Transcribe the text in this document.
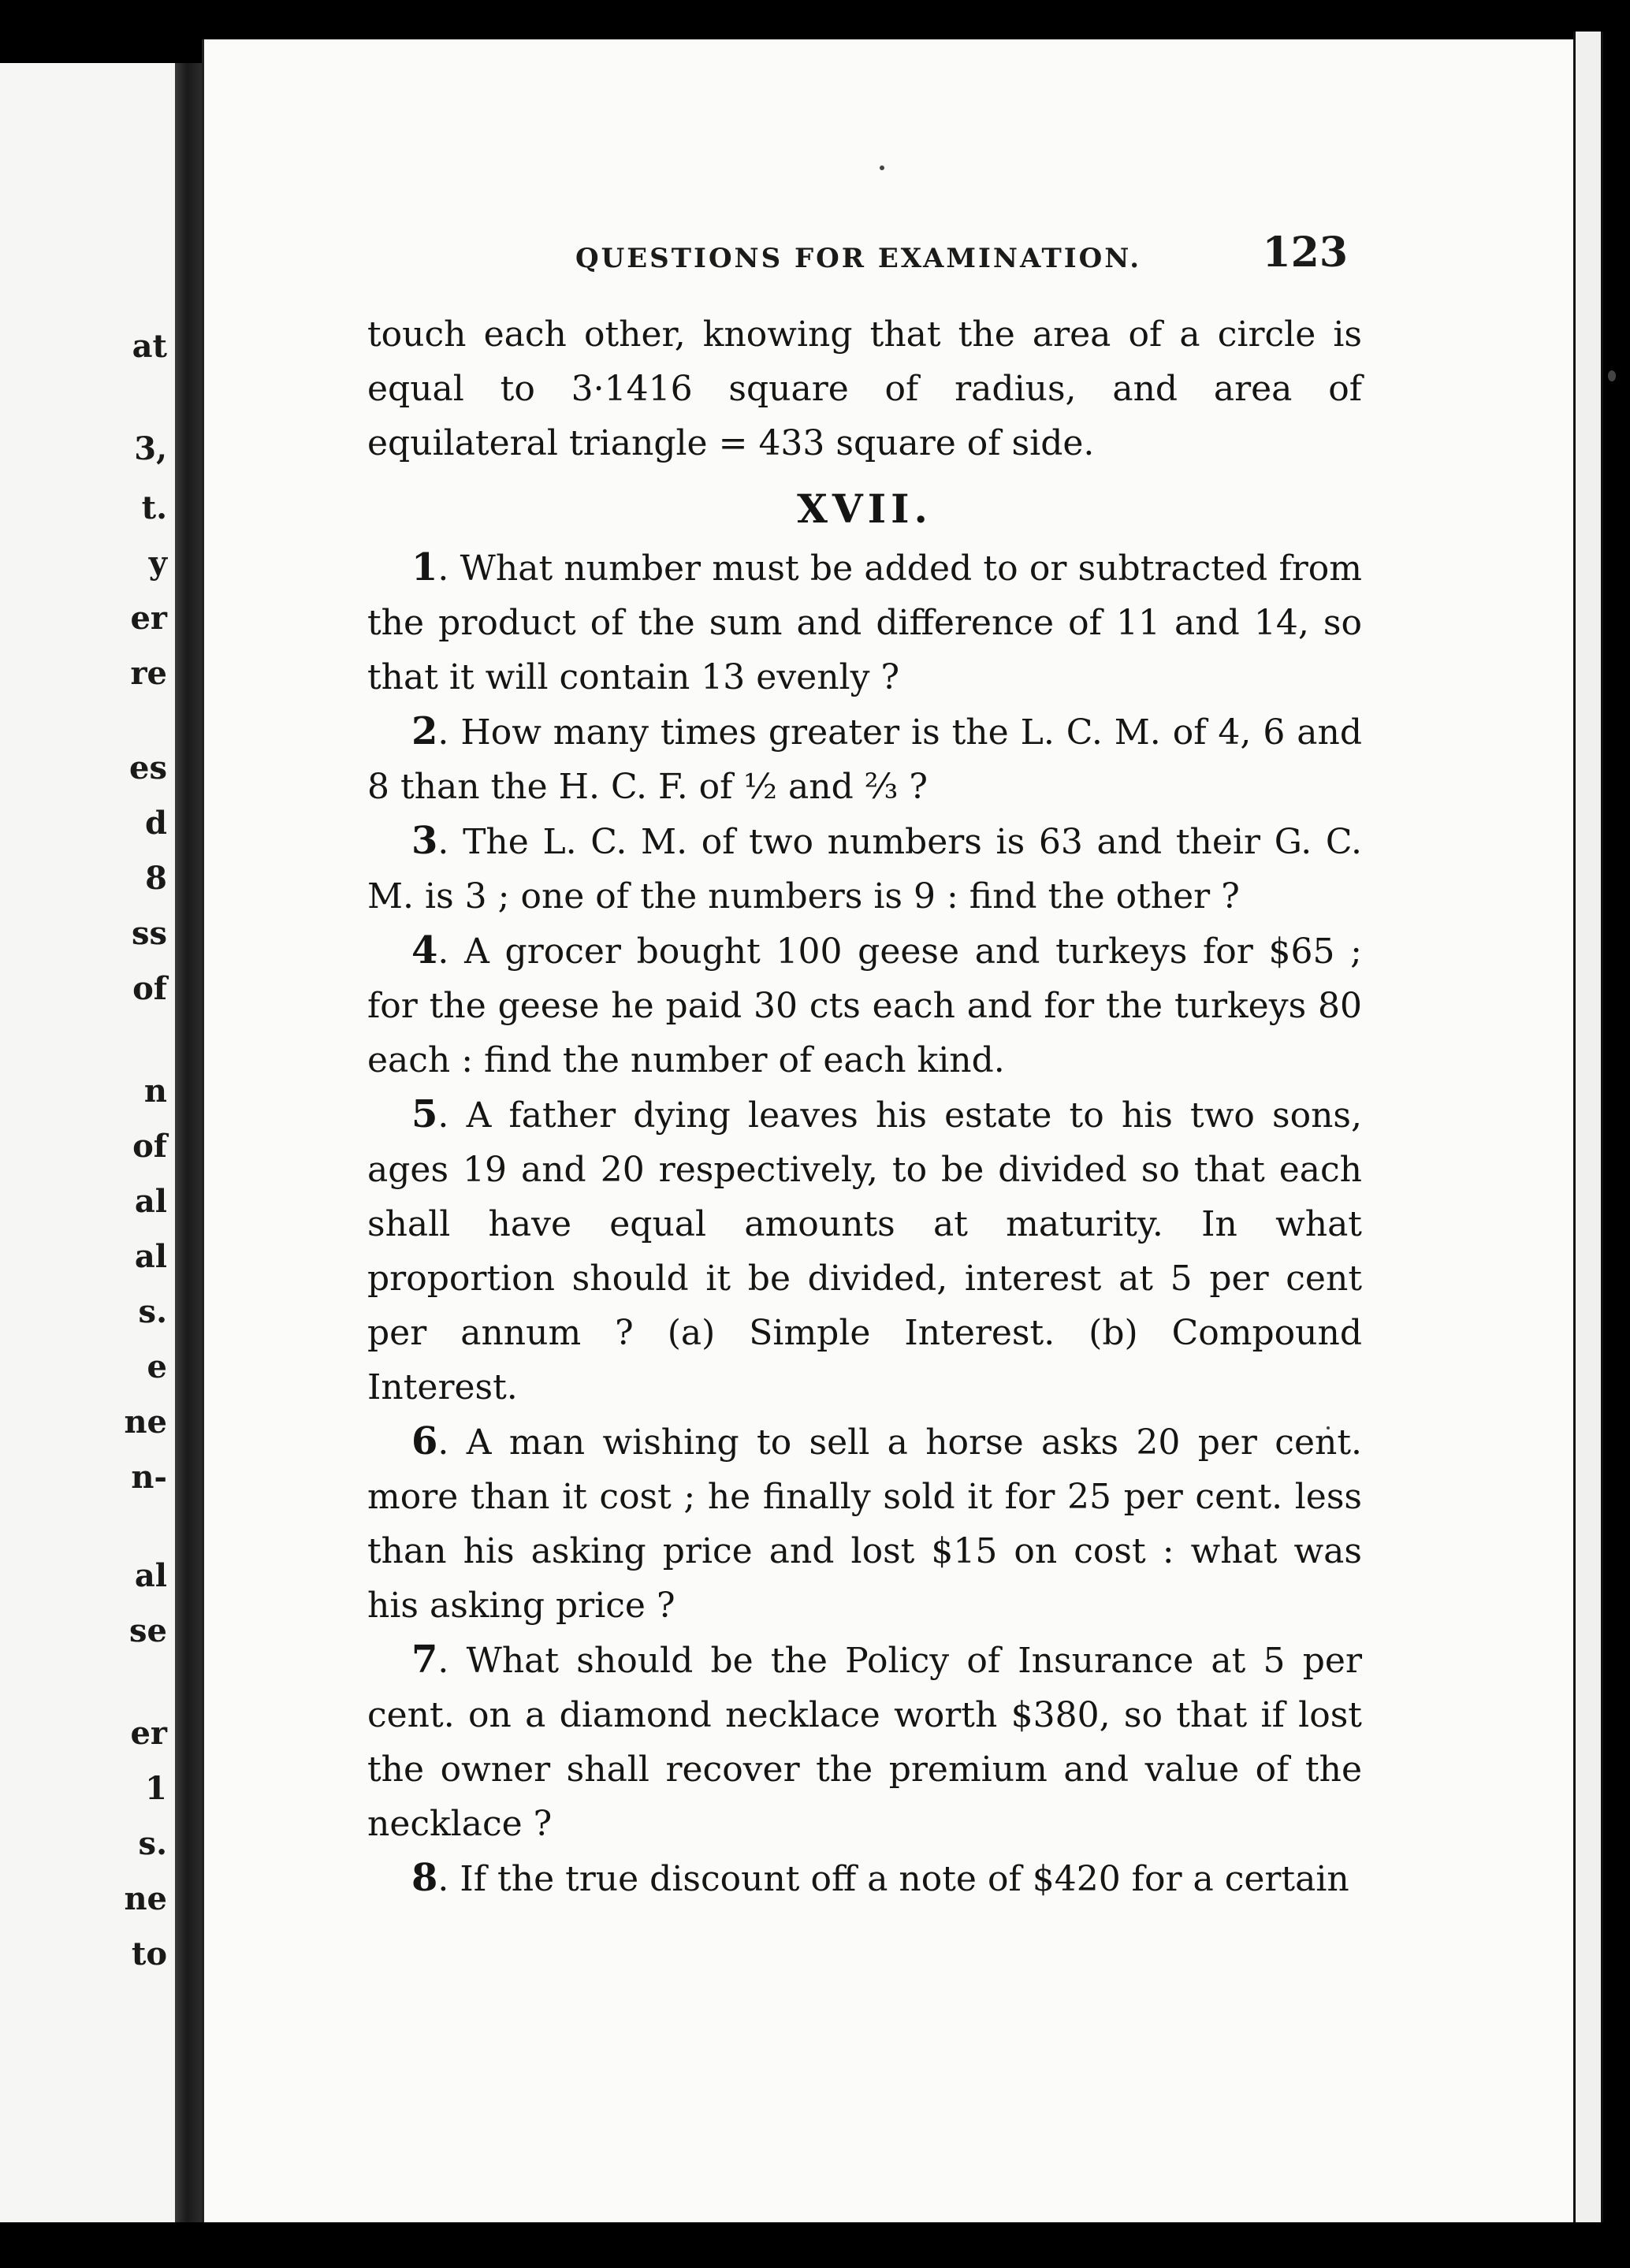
at
3,
t.
y
er
re
es
d
8
ss
of
n
of
al
al
s.
e
ne
n-
al
se
er
1
s.
ne
to
QUESTIONS FOR EXAMINATION.	123

touch each other, knowing that the area of a circle is equal to 3·1416 square of radius, and area of equilateral triangle = 433 square of side.

XVII.

1. What number must be added to or subtracted from the product of the sum and difference of 11 and 14, so that it will contain 13 evenly ?

2. How many times greater is the L. C. M. of 4, 6 and 8 than the H. C. F. of ½ and ⅔ ?

3. The L. C. M. of two numbers is 63 and their G. C. M. is 3 ; one of the numbers is 9 : find the other ?

4. A grocer bought 100 geese and turkeys for $65 ; for the geese he paid 30 cts each and for the turkeys 80 each : find the number of each kind.

5. A father dying leaves his estate to his two sons, ages 19 and 20 respectively, to be divided so that each shall have equal amounts at maturity. In what proportion should it be divided, interest at 5 per cent per annum ? (a) Simple Interest. (b) Compound Interest.

6. A man wishing to sell a horse asks 20 per cent. more than it cost ; he finally sold it for 25 per cent. less than his asking price and lost $15 on cost : what was his asking price ?

7. What should be the Policy of Insurance at 5 per cent. on a diamond necklace worth $380, so that if lost the owner shall recover the premium and value of the necklace ?

8. If the true discount off a note of $420 for a certain
